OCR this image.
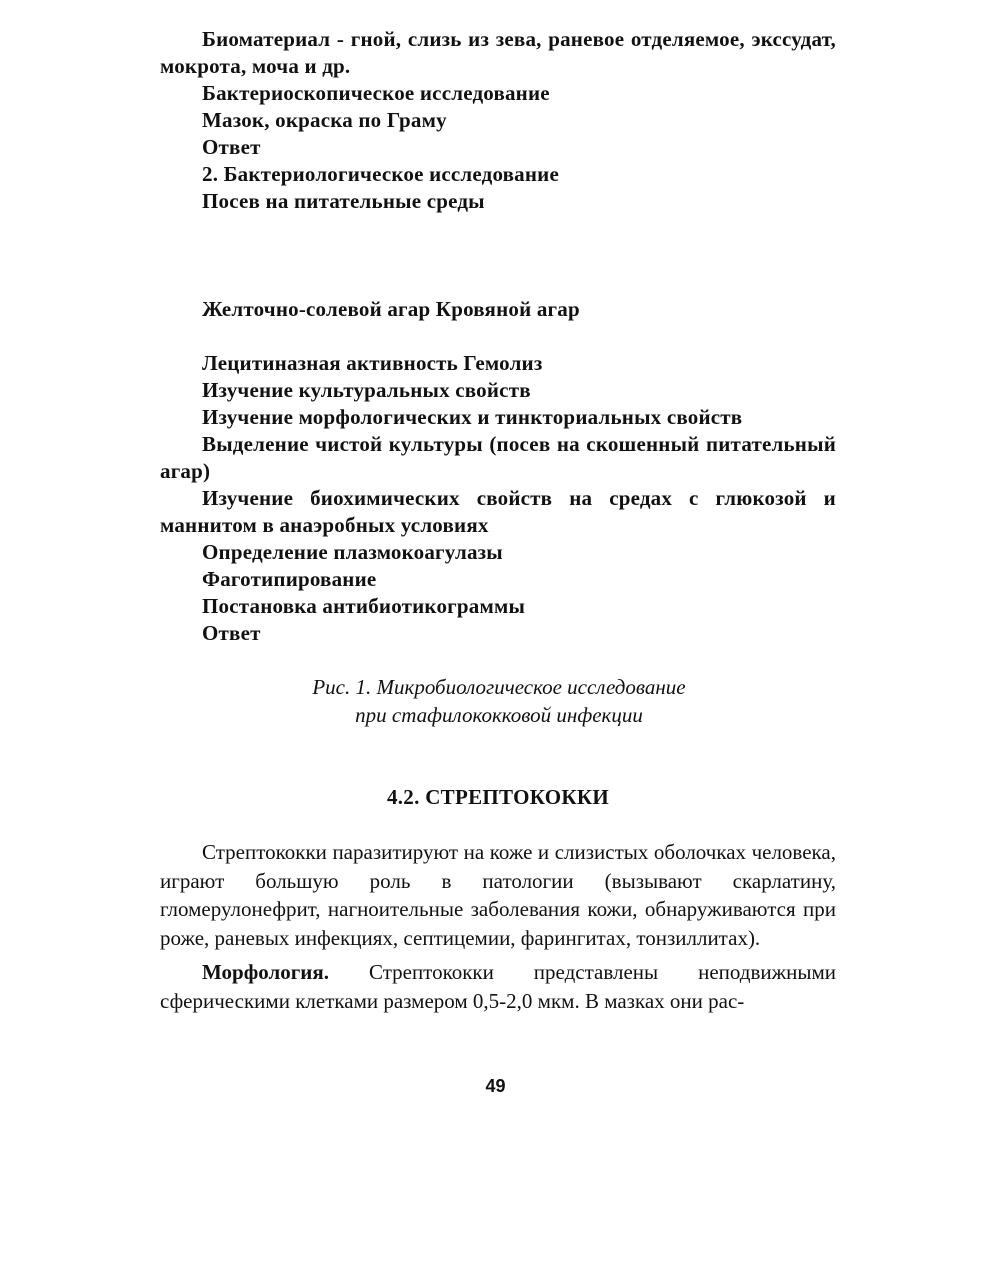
Биоматериал - гной, слизь из зева, раневое отделяемое, экссудат, мокрота, моча и др.
Бактериоскопическое исследование
Мазок, окраска по Граму
Ответ
2. Бактериологическое исследование
Посев на питательные среды
Желточно-солевой агар Кровяной агар
Лецитиназная активность Гемолиз
Изучение культуральных свойств
Изучение морфологических и тинкториальных свойств
Выделение чистой культуры (посев на скошенный питательный агар)
Изучение биохимических свойств на средах с глюкозой и маннитом в анаэробных условиях
Определение плазмокоагулазы
Фаготипирование
Постановка антибиотикограммы
Ответ
Рис. 1. Микробиологическое исследование
при стафилококковой инфекции
4.2. СТРЕПТОКОККИ

Стрептококки паразитируют на коже и слизистых оболочках человека, играют большую роль в патологии (вызывают скарлатину, гломерулонефрит, нагноительные заболевания кожи, обнаруживаются при роже, раневых инфекциях, септицемии, фарингитах, тонзиллитах).

Морфология. Стрептококки представлены неподвижными сферическими клетками размером 0,5-2,0 мкм. В мазках они рас-

49
